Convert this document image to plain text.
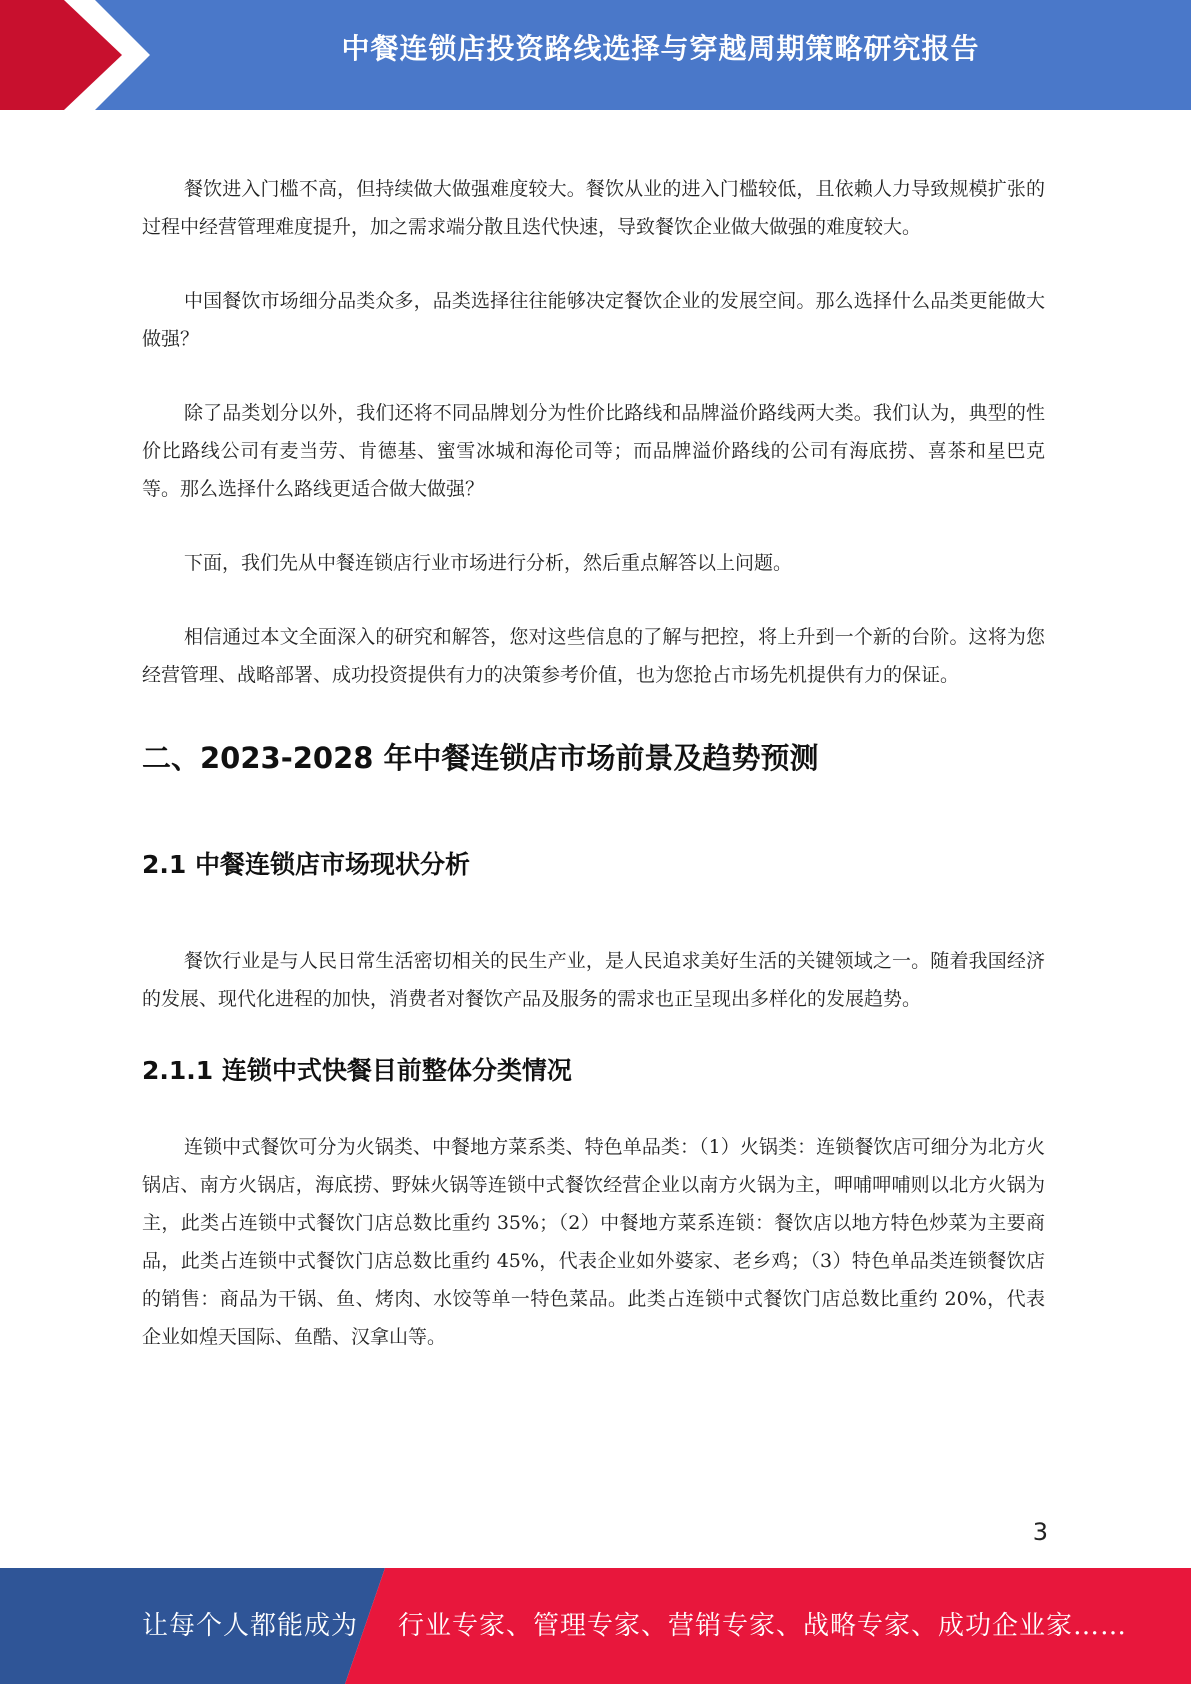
中餐连锁店投资路线选择与穿越周期策略研究报告

餐饮进入门槛不高，但持续做大做强难度较大。餐饮从业的进入门槛较低，且依赖人力导致规模扩张的过程中经营管理难度提升，加之需求端分散且迭代快速，导致餐饮企业做大做强的难度较大。

中国餐饮市场细分品类众多，品类选择往往能够决定餐饮企业的发展空间。那么选择什么品类更能做大做强？

除了品类划分以外，我们还将不同品牌划分为性价比路线和品牌溢价路线两大类。我们认为，典型的性价比路线公司有麦当劳、肯德基、蜜雪冰城和海伦司等；而品牌溢价路线的公司有海底捞、喜茶和星巴克等。那么选择什么路线更适合做大做强？

下面，我们先从中餐连锁店行业市场进行分析，然后重点解答以上问题。

相信通过本文全面深入的研究和解答，您对这些信息的了解与把控，将上升到一个新的台阶。这将为您经营管理、战略部署、成功投资提供有力的决策参考价值，也为您抢占市场先机提供有力的保证。

二、2023-2028 年中餐连锁店市场前景及趋势预测
2.1 中餐连锁店市场现状分析

餐饮行业是与人民日常生活密切相关的民生产业，是人民追求美好生活的关键领域之一。随着我国经济的发展、现代化进程的加快，消费者对餐饮产品及服务的需求也正呈现出多样化的发展趋势。

2.1.1 连锁中式快餐目前整体分类情况

连锁中式餐饮可分为火锅类、中餐地方菜系类、特色单品类：（1）火锅类：连锁餐饮店可细分为北方火锅店、南方火锅店，海底捞、野妹火锅等连锁中式餐饮经营企业以南方火锅为主，呷哺呷哺则以北方火锅为主，此类占连锁中式餐饮门店总数比重约 35%；（2）中餐地方菜系连锁：餐饮店以地方特色炒菜为主要商品，此类占连锁中式餐饮门店总数比重约 45%，代表企业如外婆家、老乡鸡；（3）特色单品类连锁餐饮店的销售：商品为干锅、鱼、烤肉、水饺等单一特色菜品。此类占连锁中式餐饮门店总数比重约 20%，代表企业如煌天国际、鱼酷、汉拿山等。

3
让每个人都能成为 行业专家、管理专家、营销专家、战略专家、成功企业家……
